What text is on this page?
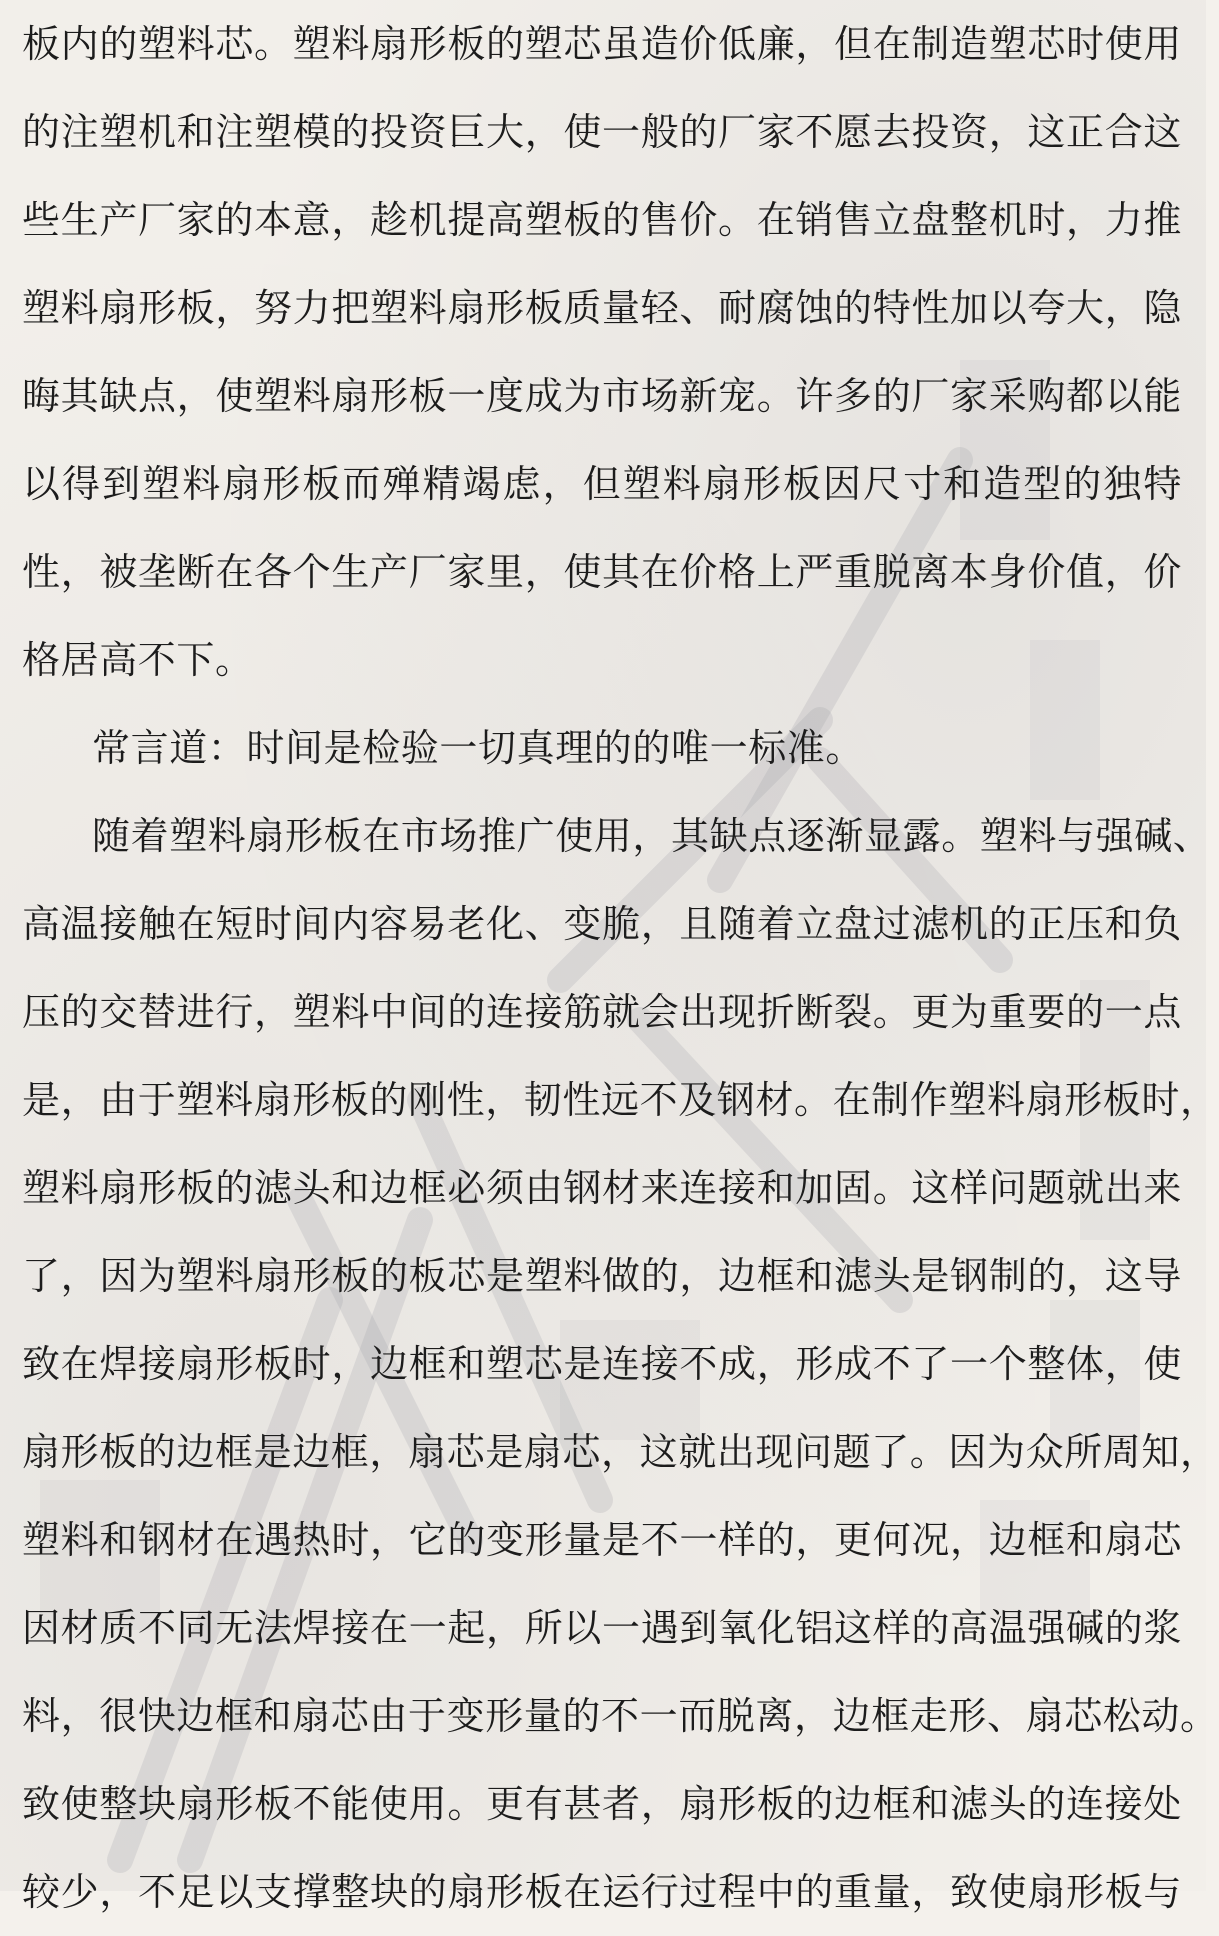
板内的塑料芯。塑料扇形板的塑芯虽造价低廉，但在制造塑芯时使用
的注塑机和注塑模的投资巨大，使一般的厂家不愿去投资，这正合这
些生产厂家的本意，趁机提高塑板的售价。在销售立盘整机时，力推
塑料扇形板，努力把塑料扇形板质量轻、耐腐蚀的特性加以夸大，隐
晦其缺点，使塑料扇形板一度成为市场新宠。许多的厂家采购都以能
以得到塑料扇形板而殚精竭虑，但塑料扇形板因尺寸和造型的独特
性，被垄断在各个生产厂家里，使其在价格上严重脱离本身价值，价
格居高不下。
常言道：时间是检验一切真理的的唯一标准。
随着塑料扇形板在市场推广使用，其缺点逐渐显露。塑料与强碱、
高温接触在短时间内容易老化、变脆，且随着立盘过滤机的正压和负
压的交替进行，塑料中间的连接筋就会出现折断裂。更为重要的一点
是，由于塑料扇形板的刚性，韧性远不及钢材。在制作塑料扇形板时，
塑料扇形板的滤头和边框必须由钢材来连接和加固。这样问题就出来
了，因为塑料扇形板的板芯是塑料做的，边框和滤头是钢制的，这导
致在焊接扇形板时，边框和塑芯是连接不成，形成不了一个整体，使
扇形板的边框是边框，扇芯是扇芯，这就出现问题了。因为众所周知，
塑料和钢材在遇热时，它的变形量是不一样的，更何况，边框和扇芯
因材质不同无法焊接在一起，所以一遇到氧化铝这样的高温强碱的浆
料，很快边框和扇芯由于变形量的不一而脱离，边框走形、扇芯松动。
致使整块扇形板不能使用。更有甚者，扇形板的边框和滤头的连接处
较少，不足以支撑整块的扇形板在运行过程中的重量，致使扇形板与
